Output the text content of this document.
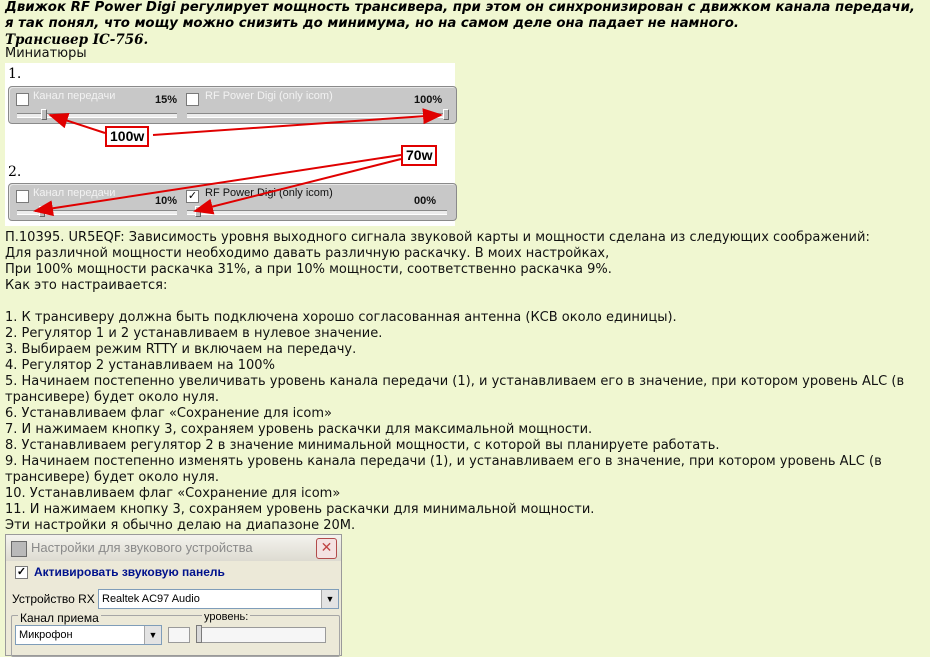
Движок RF Power Digi регулирует мощность трансивера, при этом он синхронизирован с движком канала передачи, я так понял, что мощу можно снизить до минимума, но на самом деле она падает не намного.
Трансивер IC-756.
Миниатюры
1.
Канал передачи	15%	RF Power Digi (only icom)	100%
2.
Канал передачи
10% ✓ RF Power Digi (only icom)
00%
100w
70w
П.10395. UR5EQF: Зависимость уровня выходного сигнала звуковой карты и мощности сделана из следующих соображений:
Для различной мощности необходимо давать различную раскачку. В моих настройках,
При 100% мощности раскачка 31%, а при 10% мощности, соответственно раскачка 9%.
Как это настраивается:
1. К трансиверу должна быть подключена хорошо согласованная антенна (КСВ около единицы).
2. Регулятор 1 и 2 устанавливаем в нулевое значение.
3. Выбираем режим RTTY и включаем на передачу.
4. Регулятор 2 устанавливаем на 100%
5. Начинаем постепенно увеличивать уровень канала передачи (1), и устанавливаем его в значение, при котором уровень ALC (в трансивере) будет около нуля.
6. Устанавливаем флаг «Сохранение для icom»
7. И нажимаем кнопку 3, сохраняем уровень раскачки для максимальной мощности.
8. Устанавливаем регулятор 2 в значение минимальной мощности, с которой вы планируете работать.
9. Начинаем постепенно изменять уровень канала передачи (1), и устанавливаем его в значение, при котором уровень ALC (в трансивере) будет около нуля.
10. Устанавливаем флаг «Сохранение для icom»
11. И нажимаем кнопку 3, сохраняем уровень раскачки для минимальной мощности.
Эти настройки я обычно делаю на диапазоне 20М.
Настройки для звукового устройства	✕
✓ Активировать звуковую панель
Устройство RX Realtek AC97 Audio	▼
Канал приема
Микрофон	▼
уровень:
